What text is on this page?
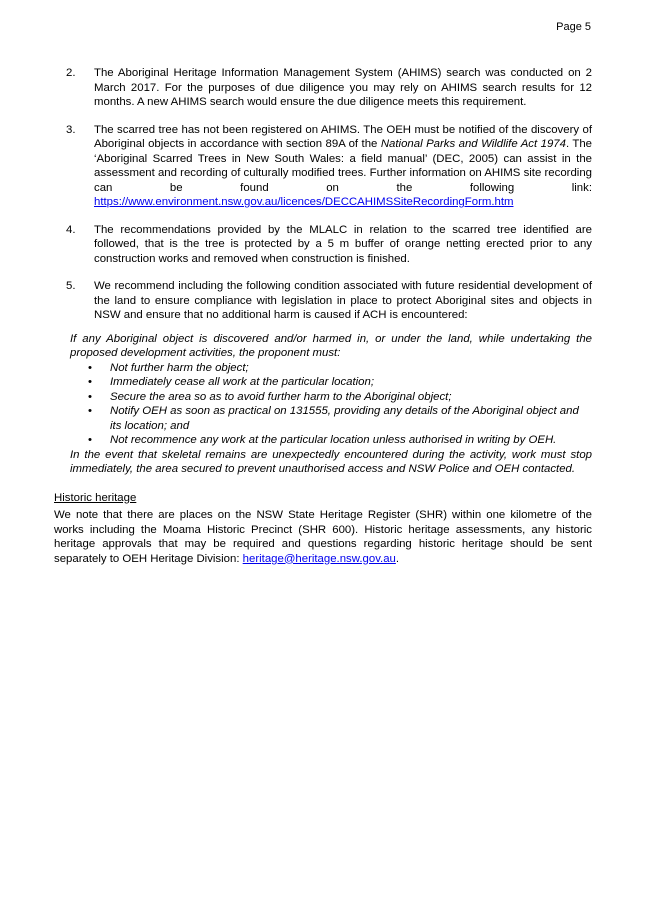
Page 5
2.	The Aboriginal Heritage Information Management System (AHIMS) search was conducted on 2 March 2017. For the purposes of due diligence you may rely on AHIMS search results for 12 months. A new AHIMS search would ensure the due diligence meets this requirement.
3.	The scarred tree has not been registered on AHIMS. The OEH must be notified of the discovery of Aboriginal objects in accordance with section 89A of the National Parks and Wildlife Act 1974. The ‘Aboriginal Scarred Trees in New South Wales: a field manual’ (DEC, 2005) can assist in the assessment and recording of culturally modified trees. Further information on AHIMS site recording can be found on the following link: https://www.environment.nsw.gov.au/licences/DECCAHIMSSiteRecordingForm.htm
4.	The recommendations provided by the MLALC in relation to the scarred tree identified are followed, that is the tree is protected by a 5 m buffer of orange netting erected prior to any construction works and removed when construction is finished.
5.	We recommend including the following condition associated with future residential development of the land to ensure compliance with legislation in place to protect Aboriginal sites and objects in NSW and ensure that no additional harm is caused if ACH is encountered:
If any Aboriginal object is discovered and/or harmed in, or under the land, while undertaking the proposed development activities, the proponent must:
•	Not further harm the object;
•	Immediately cease all work at the particular location;
•	Secure the area so as to avoid further harm to the Aboriginal object;
•	Notify OEH as soon as practical on 131555, providing any details of the Aboriginal object and its location; and
•	Not recommence any work at the particular location unless authorised in writing by OEH.
In the event that skeletal remains are unexpectedly encountered during the activity, work must stop immediately, the area secured to prevent unauthorised access and NSW Police and OEH contacted.
Historic heritage
We note that there are places on the NSW State Heritage Register (SHR) within one kilometre of the works including the Moama Historic Precinct (SHR 600). Historic heritage assessments, any historic heritage approvals that may be required and questions regarding historic heritage should be sent separately to OEH Heritage Division: heritage@heritage.nsw.gov.au.
